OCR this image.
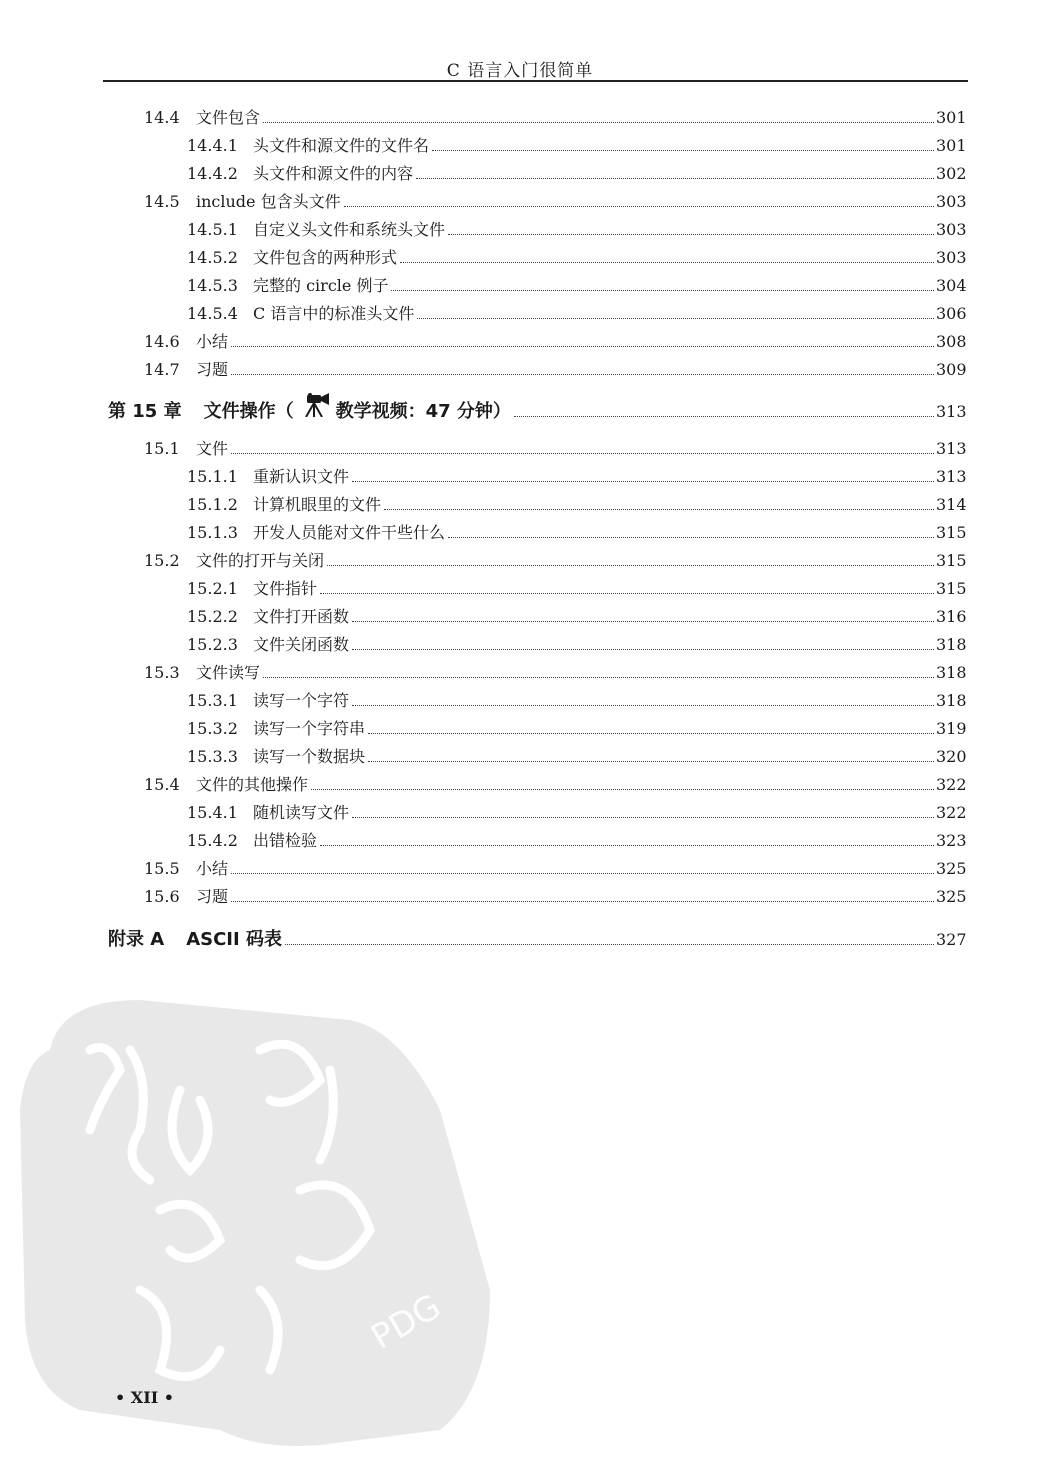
C 语言入门很简单
14.4	文件包含	301
14.4.1 头文件和源文件的文件名	301
14.4.2 头文件和源文件的内容	302
14.5	include 包含头文件	303
14.5.1 自定义头文件和系统头文件	303
14.5.2 文件包含的两种形式	303
14.5.3 完整的 circle 例子	304
14.5.4 C 语言中的标准头文件	306
14.6	小结	308
14.7	习题	309
第 15 章 文件操作（ 教学视频：47 分钟）	313
15.1	文件	313
15.1.1 重新认识文件	313
15.1.2 计算机眼里的文件	314
15.1.3 开发人员能对文件干些什么	315
15.2	文件的打开与关闭	315
15.2.1 文件指针	315
15.2.2 文件打开函数	316
15.2.3 文件关闭函数	318
15.3	文件读写	318
15.3.1 读写一个字符	318
15.3.2 读写一个字符串	319
15.3.3 读写一个数据块	320
15.4	文件的其他操作	322
15.4.1 随机读写文件	322
15.4.2 出错检验	323
15.5	小结	325
15.6	习题	325
附录 A ASCII 码表	327
PDG
• XII •
